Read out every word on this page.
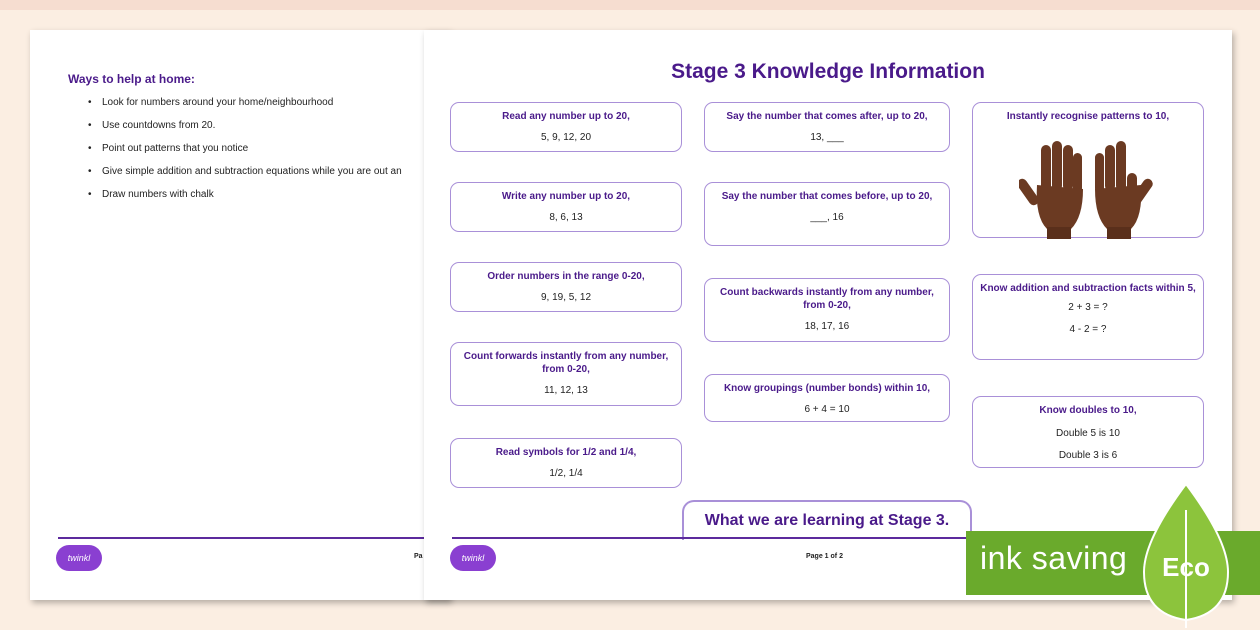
Ways to help at home:
• Look for numbers around your home/neighbourhood
• Use countdowns from 20.
• Point out patterns that you notice
• Give simple addition and subtraction equations while you are out an
• Draw numbers with chalk
twinkl	Pa
Stage 3 Knowledge Information
Read any number up to 20,
5, 9, 12, 20
Write any number up to 20,
8, 6, 13
Order numbers in the range 0-20,
9, 19, 5, 12
Count forwards instantly from any number, from 0-20,
11, 12, 13
Read symbols for 1/2 and 1/4,
1/2, 1/4
Say the number that comes after, up to 20,
13, ___
Say the number that comes before, up to 20,
___, 16
Count backwards instantly from any number, from 0-20,
18, 17, 16
Know groupings (number bonds) within 10,
6 + 4 = 10
Instantly recognise patterns to 10,
Know addition and subtraction facts within 5,
2 + 3 = ?
4 - 2 = ?
Know doubles to 10,
Double 5 is 10
Double 3 is 6
What we are learning at Stage 3.
twinkl	Page 1 of 2	ink saving Eco
